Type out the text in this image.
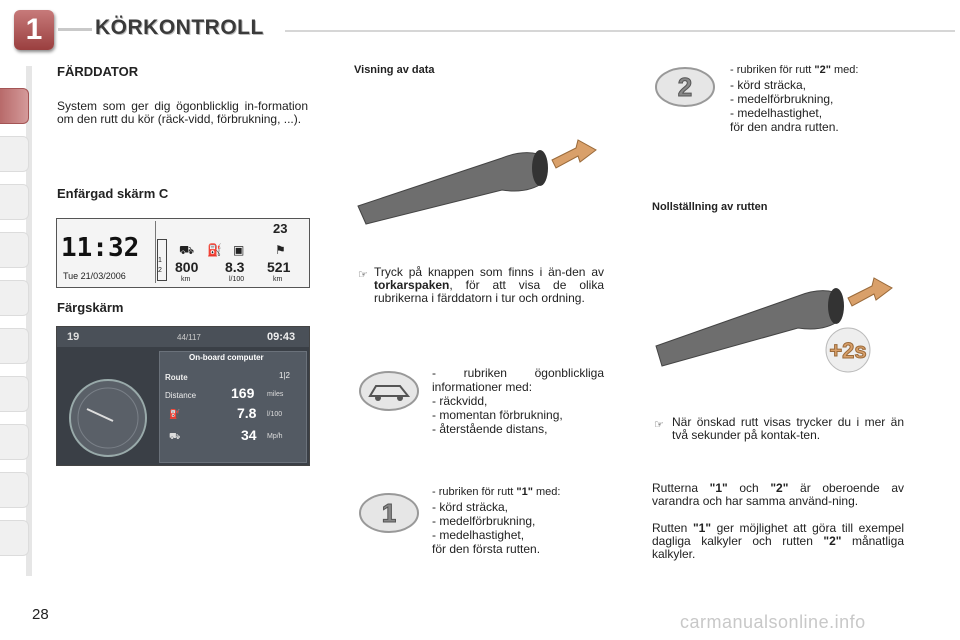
1	KÖRKONTROLL
FÄRDDATOR
System som ger dig ögonblicklig in-formation om den rutt du kör (räck-vidd, förbrukning, ...).
Enfärgad skärm C
11:32
Tue 21/03/2006
1
2
23
⛟ ⛽ ▣	⚑
800 8.3 521
km	l/100	km
Färgskärm
19	44/117	09:43
On-board computer
Route	1|2
Distance 169 miles
⛽	7.8 l/100
⛟	34 Mp/h
Visning av data
☞ Tryck på knappen som finns i än-den av torkarspaken, för att visa de olika rubrikerna i färddatorn i tur och ordning.
- rubriken ögonblickliga informationer med:
- räckvidd,
- momentan förbrukning,
- återstående distans,
1
- rubriken för rutt "1" med:
- körd sträcka,
- medelförbrukning,
- medelhastighet,
för den första rutten.
2
- rubriken för rutt "2" med:
- körd sträcka,
- medelförbrukning,
- medelhastighet,
för den andra rutten.
Nollställning av rutten
+2s
☞ När önskad rutt visas trycker du i mer än två sekunder på kontak-ten.
Rutterna "1" och "2" är oberoende av varandra och har samma använd-ning.
Rutten "1" ger möjlighet att göra till exempel dagliga kalkyler och rutten "2" månatliga kalkyler.
28	carmanualsonline.info
